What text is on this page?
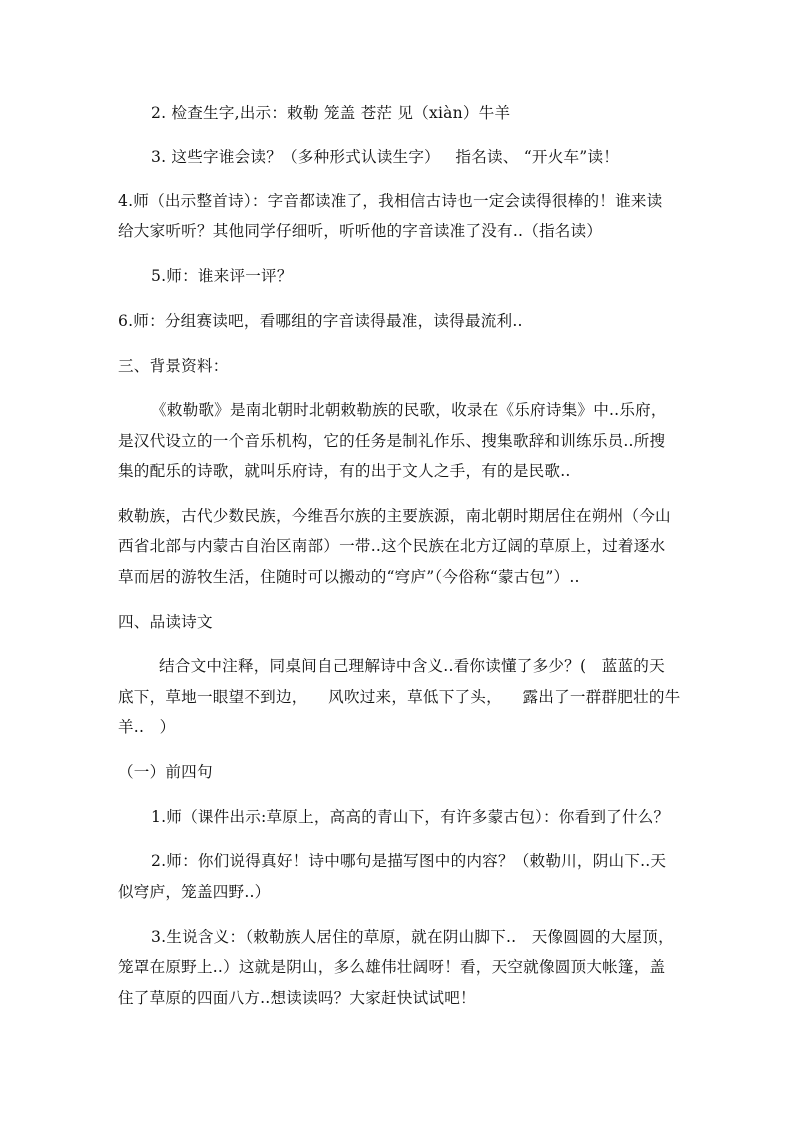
2. 检查生字,出示：敕勒 笼盖 苍茫 见（xiàn）牛羊
3. 这些字谁会读？（多种形式认读生字）   指名读、 “开火车”读！
4.师（出示整首诗）：字音都读准了，我相信古诗也一定会读得很棒的！谁来读
给大家听听？其他同学仔细听，听听他的字音读准了没有..（指名读）
5.师：谁来评一评？
6.师：分组赛读吧，看哪组的字音读得最准，读得最流利..
三、背景资料：
《敕勒歌》是南北朝时北朝敕勒族的民歌，收录在《乐府诗集》中..乐府，
是汉代设立的一个音乐机构，它的任务是制礼作乐、搜集歌辞和训练乐员..所搜
集的配乐的诗歌，就叫乐府诗，有的出于文人之手，有的是民歌..
敕勒族，古代少数民族，今维吾尔族的主要族源，南北朝时期居住在朔州（今山
西省北部与内蒙古自治区南部）一带..这个民族在北方辽阔的草原上，过着逐水
草而居的游牧生活，住随时可以搬动的“穹庐”（今俗称“蒙古包”）..
四、品读诗文
结合文中注释，同桌间自己理解诗中含义..看你读懂了多少？(   蓝蓝的天
底下，草地一眼望不到边，    风吹过来，草低下了头，    露出了一群群肥壮的牛
羊..   ）
（一）前四句
1.师（课件出示:草原上，高高的青山下，有许多蒙古包）：你看到了什么？
2.师：你们说得真好！诗中哪句是描写图中的内容？（敕勒川，阴山下..天
似穹庐，笼盖四野..）
3.生说含义：（敕勒族人居住的草原，就在阴山脚下..   天像圆圆的大屋顶，
笼罩在原野上..）这就是阴山，多么雄伟壮阔呀！看，天空就像圆顶大帐篷，盖
住了草原的四面八方..想读读吗？大家赶快试试吧！
